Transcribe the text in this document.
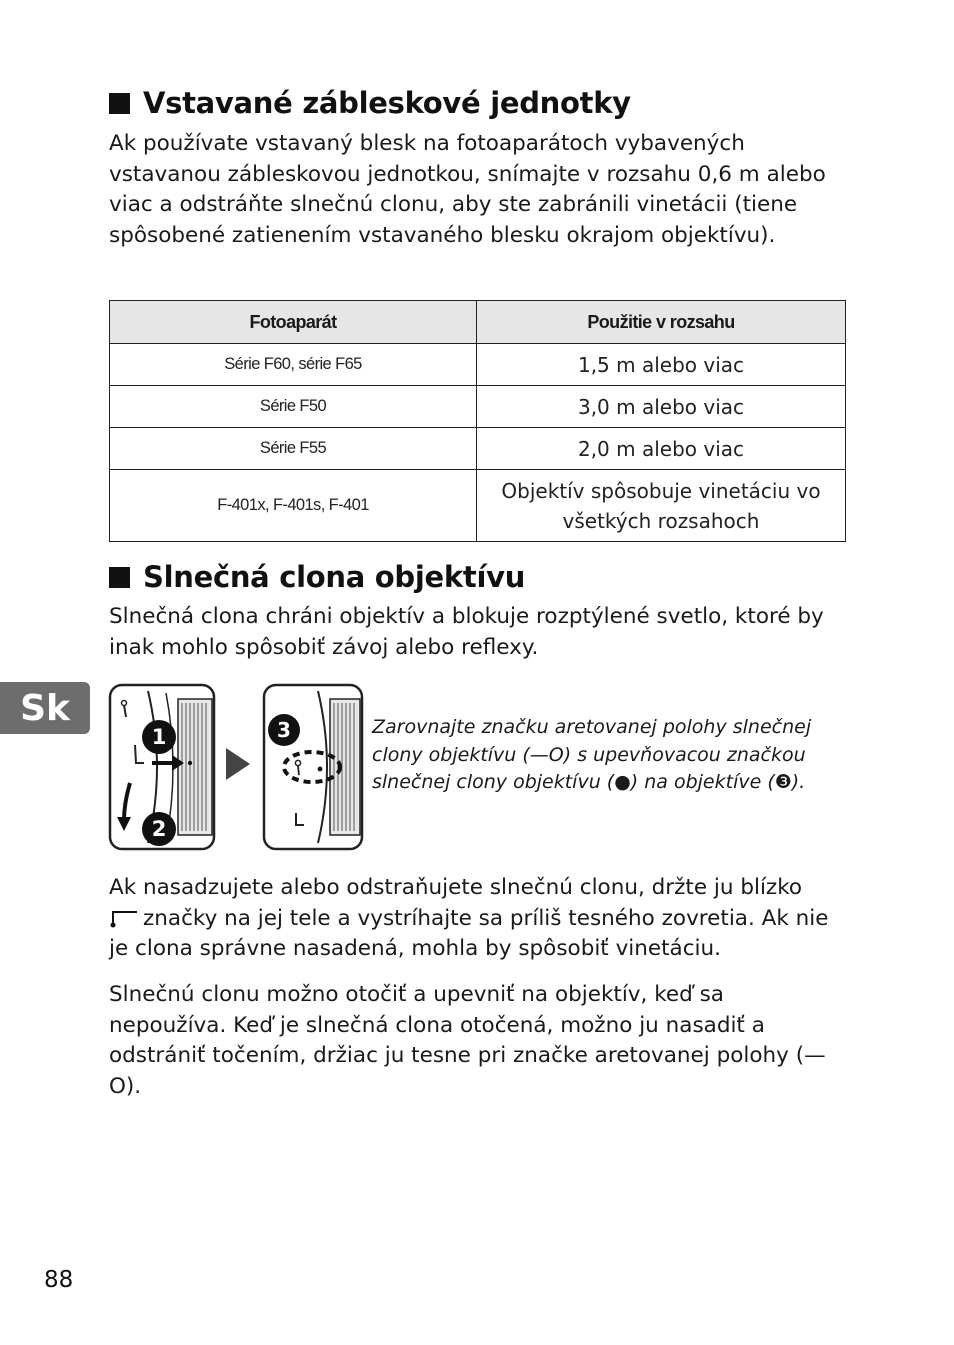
Vstavané zábleskové jednotky
Ak používate vstavaný blesk na fotoaparátoch vybavených vstavanou zábleskovou jednotkou, snímajte v rozsahu 0,6 m alebo viac a odstráňte slnečnú clonu, aby ste zabránili vinetácii (tiene spôsobené zatienením vstavaného blesku okrajom objektívu).
Fotoaparát	Použitie v rozsahu
Série F60, série F65	1,5 m alebo viac
Série F50	3,0 m alebo viac
Série F55	2,0 m alebo viac
F-401x, F-401s, F-401	Objektív spôsobuje vinetáciu vo všetkých rozsahoch
Slnečná clona objektívu
Slnečná clona chráni objektív a blokuje rozptýlené svetlo, ktoré by inak mohlo spôsobiť závoj alebo reflexy.
Sk
1
2
3	Zarovnajte značku aretovanej polohy slnečnej clony objektívu (—O) s upevňovacou značkou slnečnej clony objektívu (●) na objektíve (❸).
Ak nasadzujete alebo odstraňujete slnečnú clonu, držte ju blízko
značky na jej tele a vystríhajte sa príliš tesného zovretia. Ak nie
je clona správne nasadená, mohla by spôsobiť vinetáciu.
Slnečnú clonu možno otočiť a upevniť na objektív, keď sa nepoužíva. Keď je slnečná clona otočená, možno ju nasadiť a odstrániť točením, držiac ju tesne pri značke aretovanej polohy (—O).
88
